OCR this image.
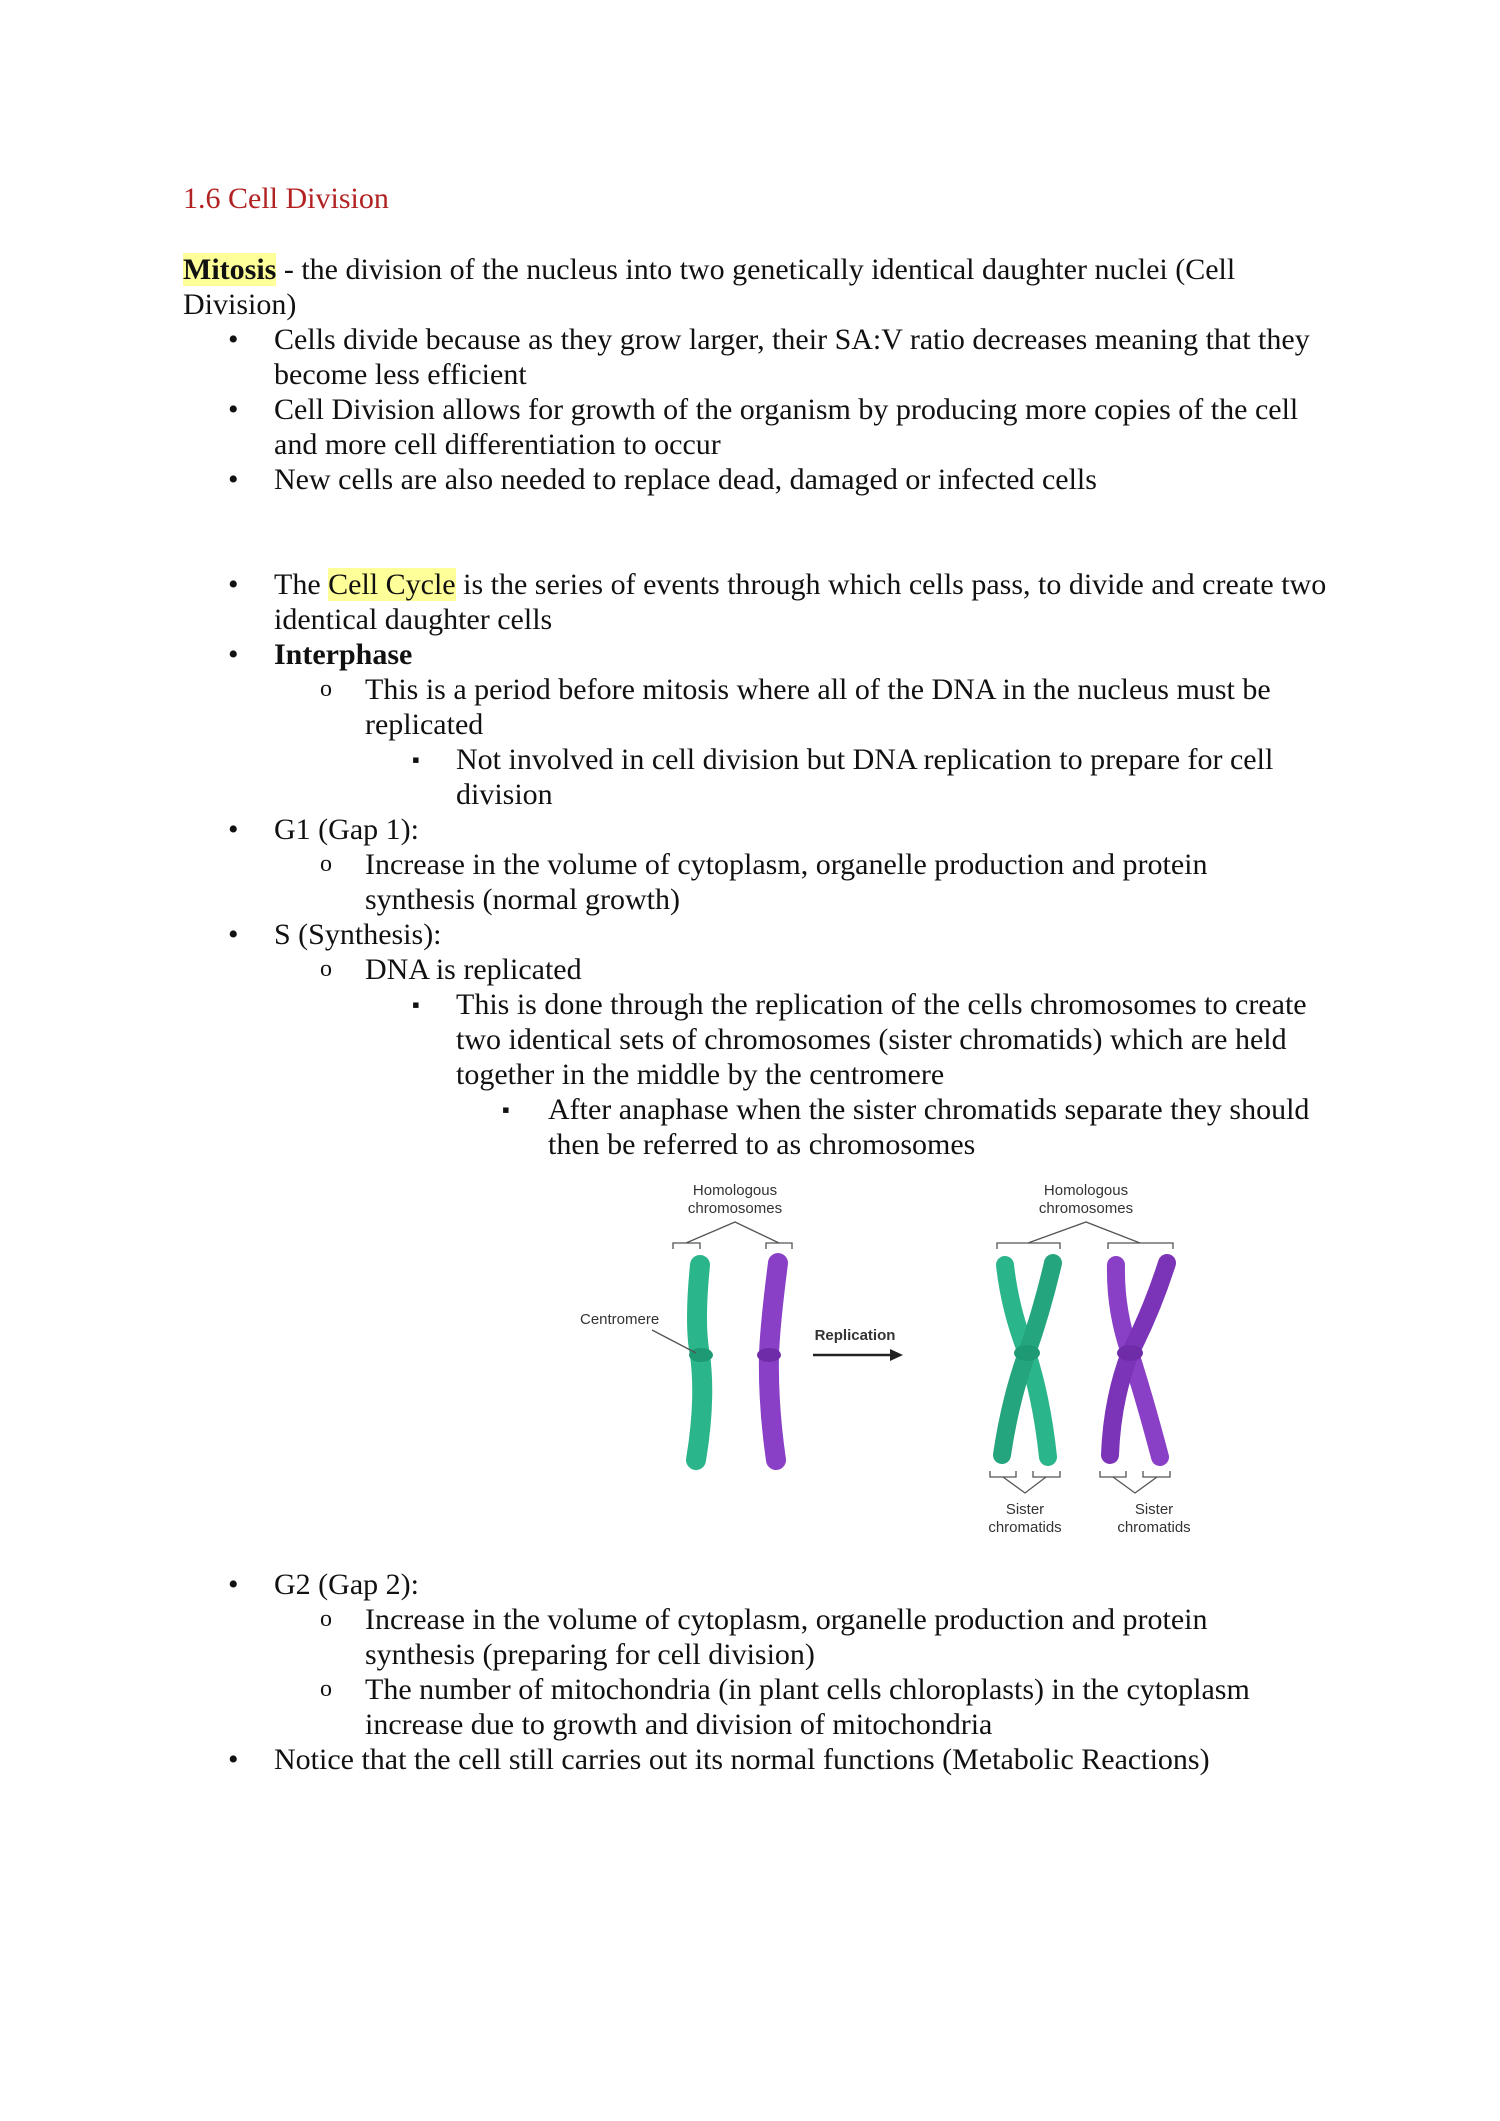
1.6 Cell Division

Mitosis - the division of the nucleus into two genetically identical daughter nuclei (Cell Division)

• Cells divide because as they grow larger, their SA:V ratio decreases meaning that they become less efficient
• Cell Division allows for growth of the organism by producing more copies of the cell and more cell differentiation to occur
• New cells are also needed to replace dead, damaged or infected cells
• The Cell Cycle is the series of events through which cells pass, to divide and create two identical daughter cells
• Interphase
o This is a period before mitosis where all of the DNA in the nucleus must be replicated
▪ Not involved in cell division but DNA replication to prepare for cell division
• G1 (Gap 1):
o Increase in the volume of cytoplasm, organelle production and protein synthesis (normal growth)
• S (Synthesis):
o DNA is replicated
▪ This is done through the replication of the cells chromosomes to create two identical sets of chromosomes (sister chromatids) which are held together in the middle by the centromere
▪ After anaphase when the sister chromatids separate they should then be referred to as chromosomes
Homologous
chromosomes
Homologous
chromosomes
Centromere
Replication
Sister
chromatids
Sister
chromatids
• G2 (Gap 2):
o Increase in the volume of cytoplasm, organelle production and protein synthesis (preparing for cell division)
o The number of mitochondria (in plant cells chloroplasts) in the cytoplasm increase due to growth and division of mitochondria
• Notice that the cell still carries out its normal functions (Metabolic Reactions)
